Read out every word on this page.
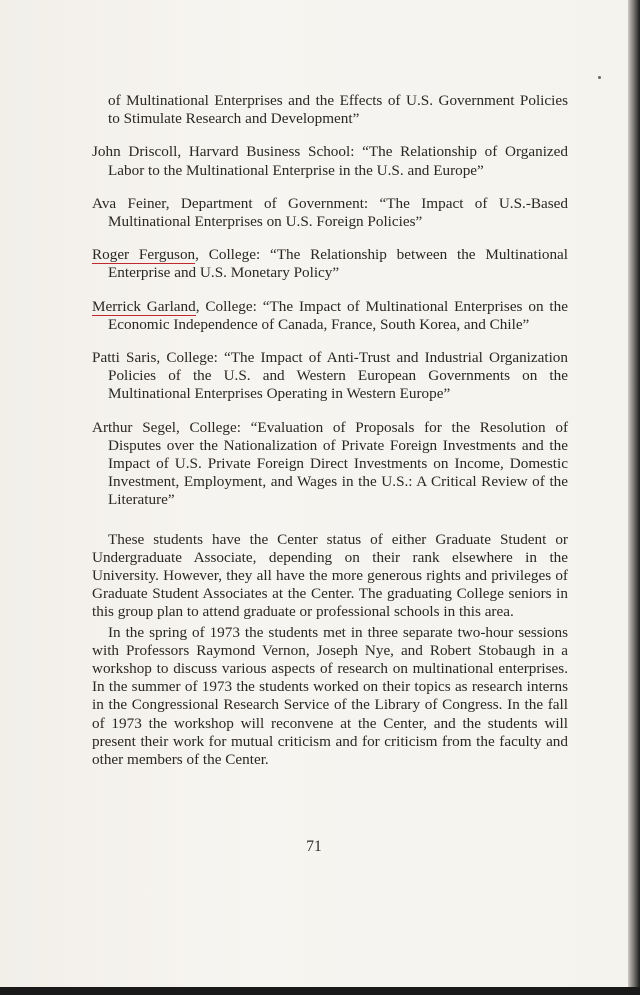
of Multinational Enterprises and the Effects of U.S. Government Policies to Stimulate Research and Development”

John Driscoll, Harvard Business School: “The Relationship of Organized Labor to the Multinational Enterprise in the U.S. and Europe”

Ava Feiner, Department of Government: “The Impact of U.S.-Based Multinational Enterprises on U.S. Foreign Policies”

Roger Ferguson, College: “The Relationship between the Multinational Enterprise and U.S. Monetary Policy”

Merrick Garland, College: “The Impact of Multinational Enterprises on the Economic Independence of Canada, France, South Korea, and Chile”

Patti Saris, College: “The Impact of Anti-Trust and Industrial Organization Policies of the U.S. and Western European Governments on the Multinational Enterprises Operating in Western Europe”

Arthur Segel, College: “Evaluation of Proposals for the Resolution of Disputes over the Nationalization of Private Foreign Investments and the Impact of U.S. Private Foreign Direct Investments on Income, Domestic Investment, Employment, and Wages in the U.S.: A Critical Review of the Literature”

These students have the Center status of either Graduate Student or Undergraduate Associate, depending on their rank elsewhere in the University. However, they all have the more generous rights and privileges of Graduate Student Associates at the Center. The graduating College seniors in this group plan to attend graduate or professional schools in this area.

In the spring of 1973 the students met in three separate two-hour sessions with Professors Raymond Vernon, Joseph Nye, and Robert Stobaugh in a workshop to discuss various aspects of research on multinational enterprises. In the summer of 1973 the students worked on their topics as research interns in the Congressional Research Service of the Library of Congress. In the fall of 1973 the workshop will reconvene at the Center, and the students will present their work for mutual criticism and for criticism from the faculty and other members of the Center.

71
